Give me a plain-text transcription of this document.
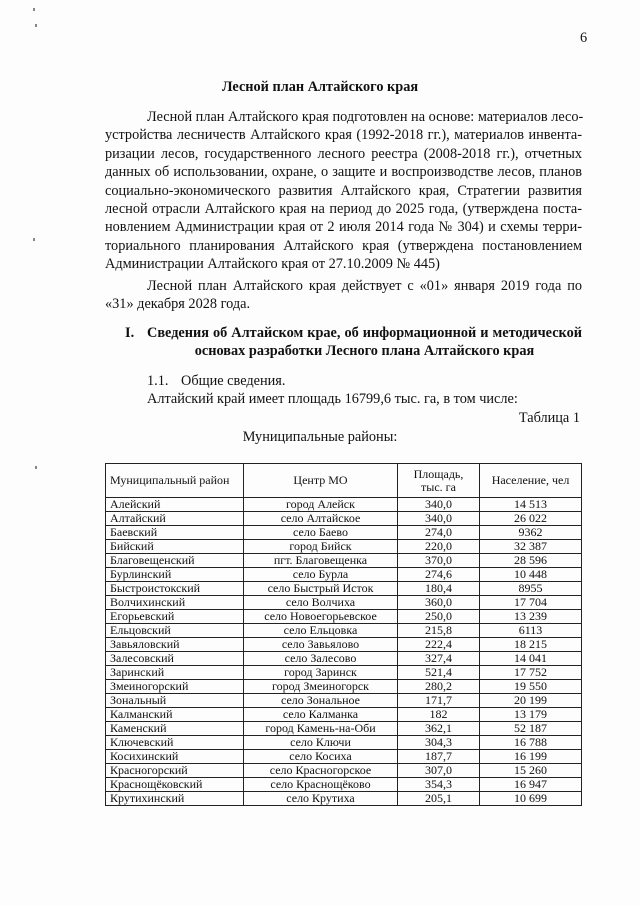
6
Лесной план Алтайского края
Лесной план Алтайского края подготовлен на основе: материалов лесо-
устройства лесничеств Алтайского края (1992-2018 гг.), материалов инвента-
ризации лесов, государственного лесного реестра (2008-2018 гг.), отчетных
данных об использовании, охране, о защите и воспроизводстве лесов, планов
социально-экономического развития Алтайского края, Стратегии развития
лесной отрасли Алтайского края на период до 2025 года, (утверждена поста-
новлением Администрации края от 2 июля 2014 года № 304) и схемы терри-
ториального планирования Алтайского края (утверждена постановлением
Администрации Алтайского края от 27.10.2009 № 445)
Лесной план Алтайского края действует с «01» января 2019 года по
«31» декабря 2028 года.
I. Сведения об Алтайском крае, об информационной и методической
основах разработки Лесного плана Алтайского края
1.1. Общие сведения.
Алтайский край имеет площадь 16799,6 тыс. га, в том числе:
Таблица 1
Муниципальные районы:
Муниципальный район	Центр МО	Площадь, тыс. га	Население, чел
Алейский	город Алейск	340,0	14 513
Алтайский	село Алтайское	340,0	26 022
Баевский	село Баево	274,0	9362
Бийский	город Бийск	220,0	32 387
Благовещенский	пгт. Благовещенка	370,0	28 596
Бурлинский	село Бурла	274,6	10 448
Быстроистокский	село Быстрый Исток	180,4	8955
Волчихинский	село Волчиха	360,0	17 704
Егорьевский	село Новоегорьевское	250,0	13 239
Ельцовский	село Ельцовка	215,8	6113
Завьяловский	село Завьялово	222,4	18 215
Залесовский	село Залесово	327,4	14 041
Заринский	город Заринск	521,4	17 752
Змеиногорский	город Змеиногорск	280,2	19 550
Зональный	село Зональное	171,7	20 199
Калманский	село Калманка	182	13 179
Каменский	город Камень-на-Оби	362,1	52 187
Ключевский	село Ключи	304,3	16 788
Косихинский	село Косиха	187,7	16 199
Красногорский	село Красногорское	307,0	15 260
Краснощёковский	село Краснощёково	354,3	16 947
Крутихинский	село Крутиха	205,1	10 699
